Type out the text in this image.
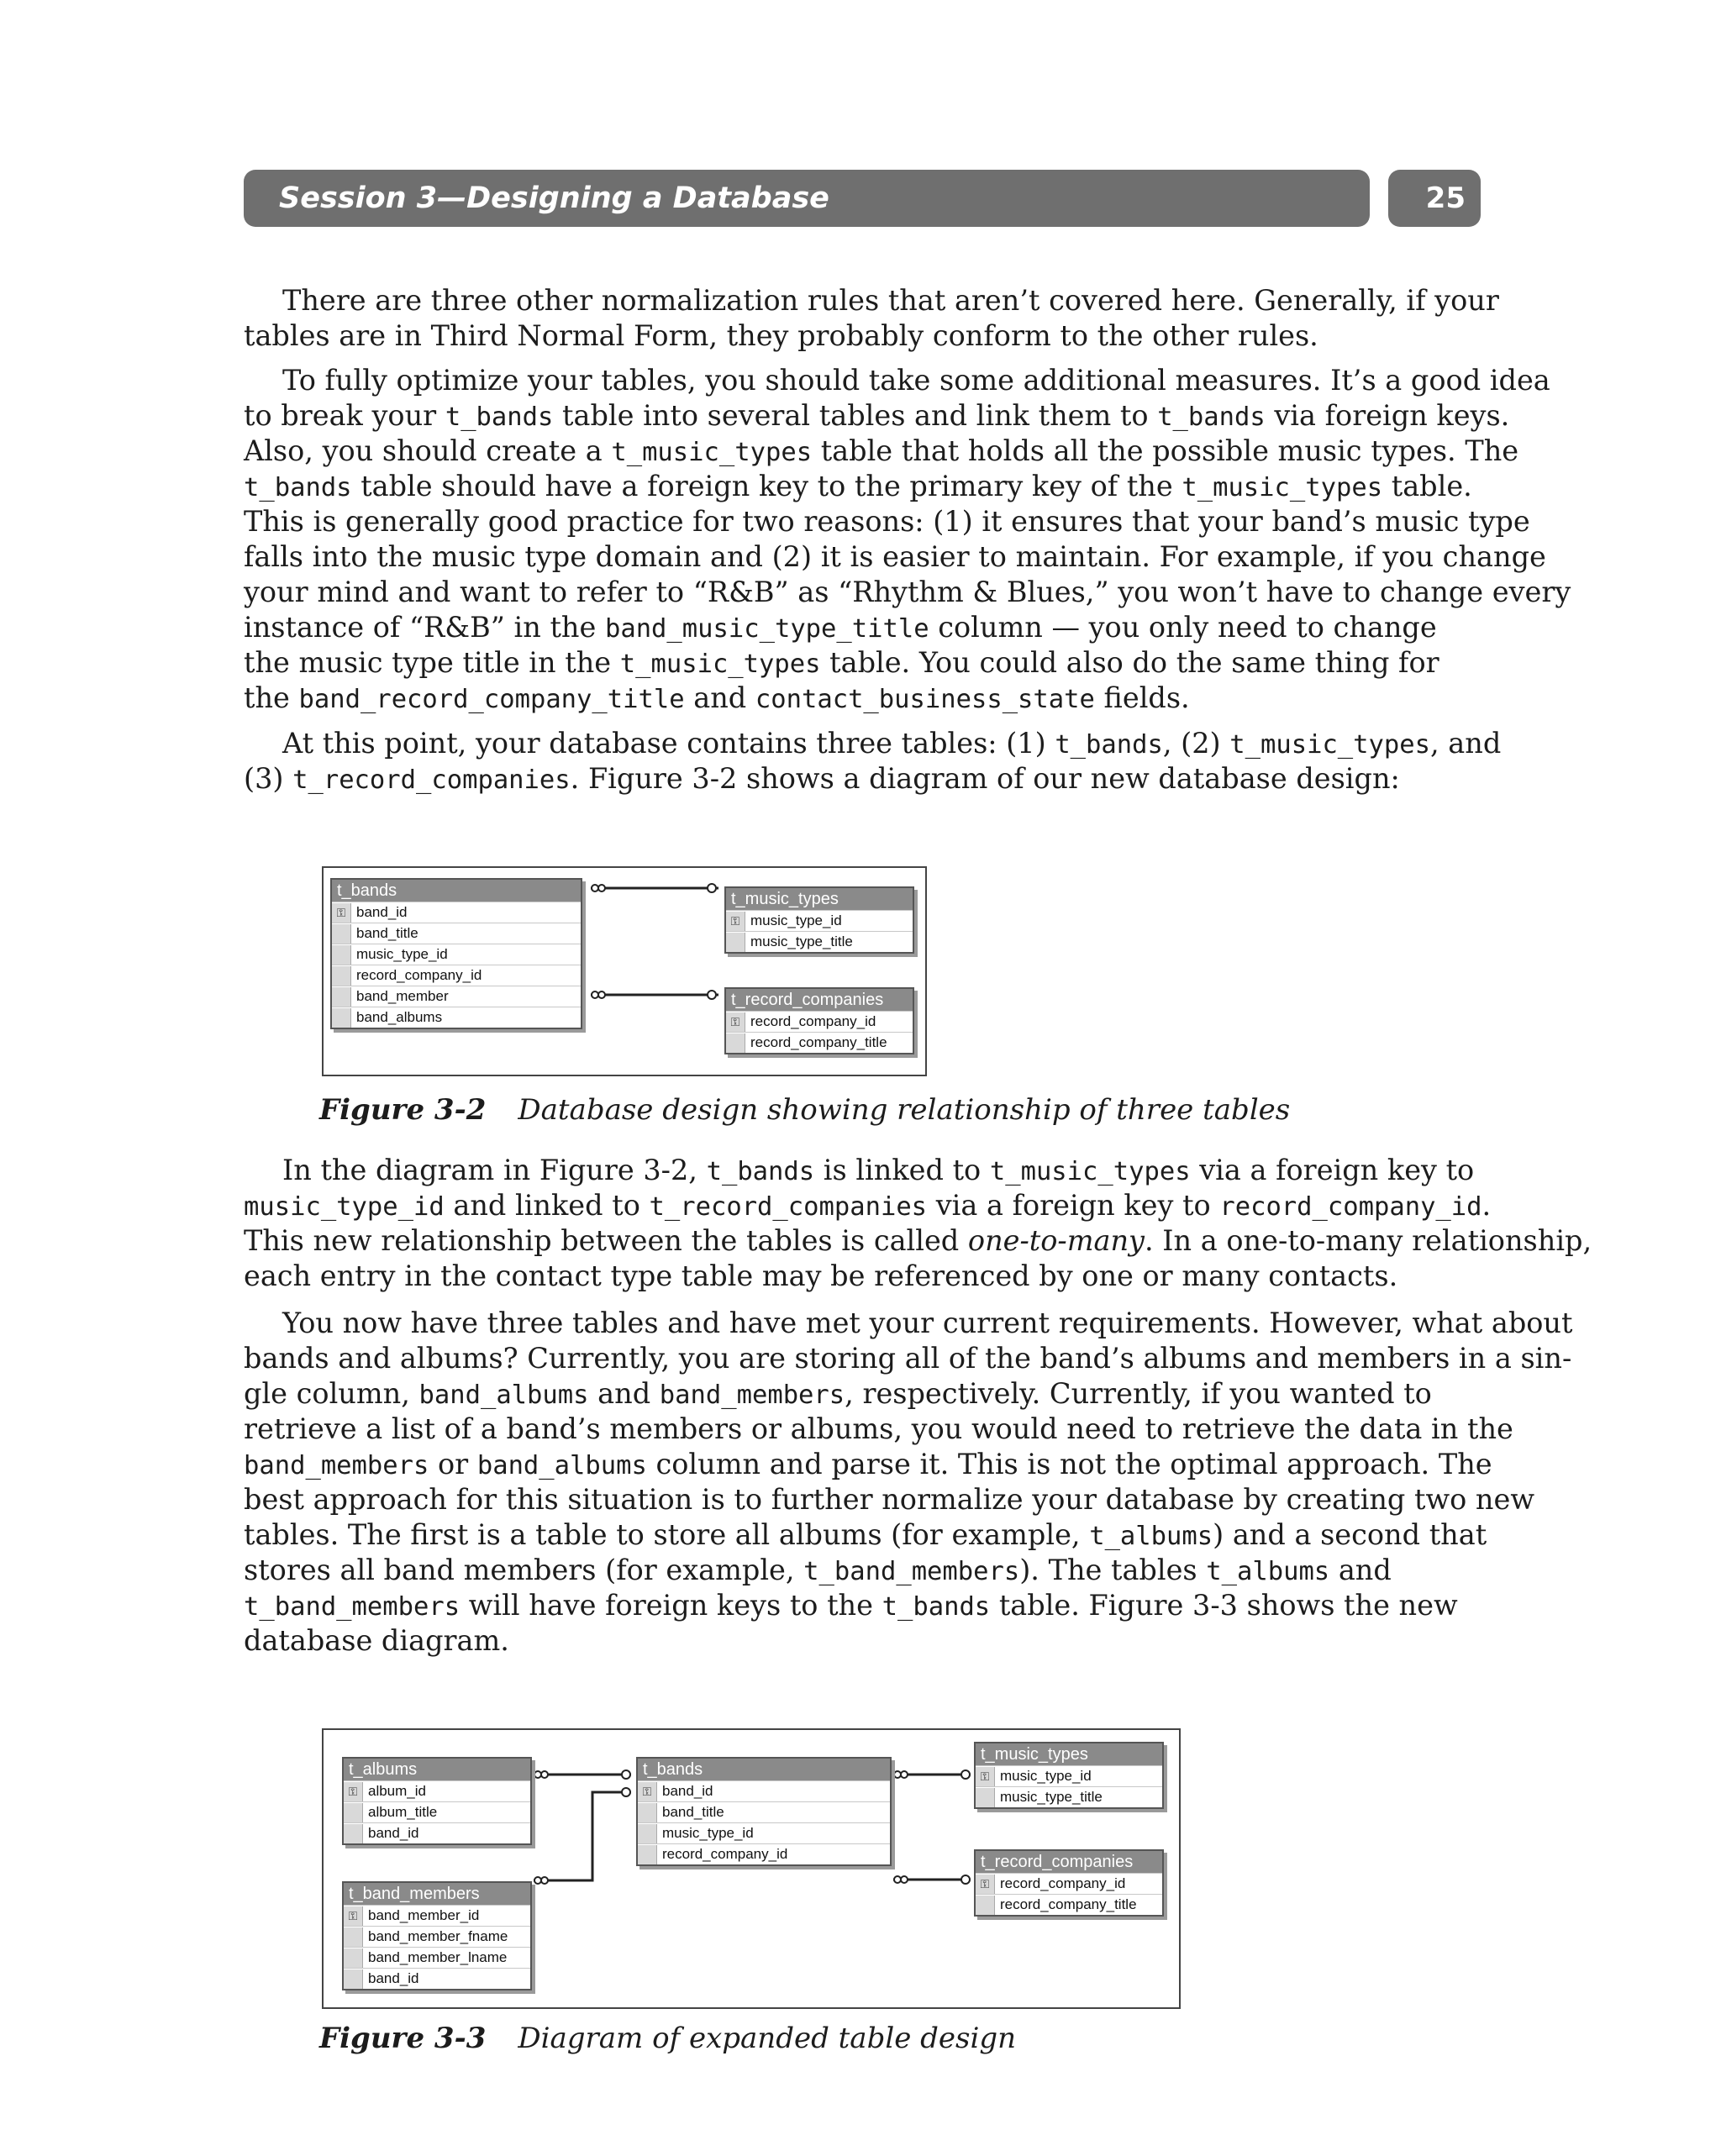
Session 3—Designing a Database	25
There are three other normalization rules that aren’t covered here. Generally, if your
tables are in Third Normal Form, they probably conform to the other rules.
To fully optimize your tables, you should take some additional measures. It’s a good idea
to break your t_bands table into several tables and link them to t_bands via foreign keys.
Also, you should create a t_music_types table that holds all the possible music types. The
t_bands table should have a foreign key to the primary key of the t_music_types table.
This is generally good practice for two reasons: (1) it ensures that your band’s music type
falls into the music type domain and (2) it is easier to maintain. For example, if you change
your mind and want to refer to “R&B” as “Rhythm & Blues,” you won’t have to change every
instance of “R&B” in the band_music_type_title column — you only need to change
the music type title in the t_music_types table. You could also do the same thing for
the band_record_company_title and contact_business_state fields.
At this point, your database contains three tables: (1) t_bands, (2) t_music_types, and
(3) t_record_companies. Figure 3-2 shows a diagram of our new database design:
t_bands
⚿ band_id
band_title
music_type_id
record_company_id
band_member
band_albums
t_music_types
⚿ music_type_id
music_type_title
t_record_companies
⚿ record_company_id
record_company_title
Figure 3-2 Database design showing relationship of three tables
In the diagram in Figure 3-2, t_bands is linked to t_music_types via a foreign key to
music_type_id and linked to t_record_companies via a foreign key to record_company_id.
This new relationship between the tables is called one-to-many. In a one-to-many relationship,
each entry in the contact type table may be referenced by one or many contacts.
You now have three tables and have met your current requirements. However, what about
bands and albums? Currently, you are storing all of the band’s albums and members in a sin-
gle column, band_albums and band_members, respectively. Currently, if you wanted to
retrieve a list of a band’s members or albums, you would need to retrieve the data in the
band_members or band_albums column and parse it. This is not the optimal approach. The
best approach for this situation is to further normalize your database by creating two new
tables. The first is a table to store all albums (for example, t_albums) and a second that
stores all band members (for example, t_band_members). The tables t_albums and
t_band_members will have foreign keys to the t_bands table. Figure 3-3 shows the new
database diagram.
t_albums
⚿ album_id
album_title
band_id
t_band_members
⚿ band_member_id
band_member_fname
band_member_lname
band_id
t_bands
⚿ band_id
band_title
music_type_id
record_company_id
t_music_types
⚿ music_type_id
music_type_title
t_record_companies
⚿ record_company_id
record_company_title
Figure 3-3 Diagram of expanded table design
